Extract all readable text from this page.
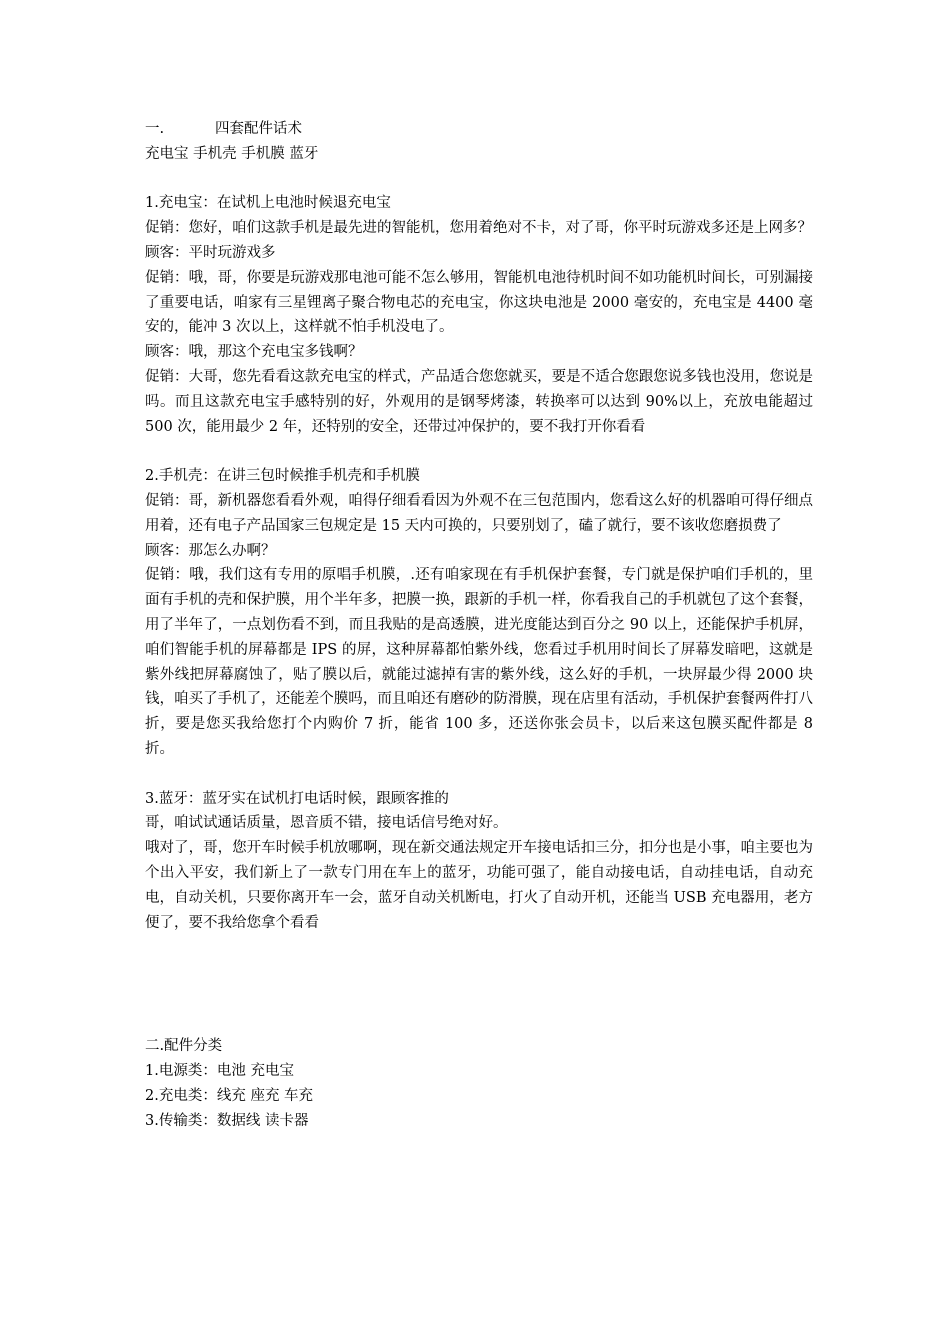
一.	四套配件话术

充电宝 手机壳 手机膜 蓝牙

1.充电宝：在试机上电池时候退充电宝

促销：您好，咱们这款手机是最先进的智能机，您用着绝对不卡，对了哥，你平时玩游戏多还是上网多？

顾客：平时玩游戏多

促销：哦，哥，你要是玩游戏那电池可能不怎么够用，智能机电池待机时间不如功能机时间长，可别漏接了重要电话，咱家有三星锂离子聚合物电芯的充电宝，你这块电池是 2000 毫安的，充电宝是 4400 毫安的，能冲 3 次以上，这样就不怕手机没电了。

顾客：哦，那这个充电宝多钱啊？

促销：大哥，您先看看这款充电宝的样式，产品适合您您就买，要是不适合您跟您说多钱也没用，您说是吗。而且这款充电宝手感特别的好，外观用的是钢琴烤漆，转换率可以达到 90%以上，充放电能超过 500 次，能用最少 2 年，还特别的安全，还带过冲保护的，要不我打开你看看

2.手机壳：在讲三包时候推手机壳和手机膜

促销：哥，新机器您看看外观，咱得仔细看看因为外观不在三包范围内，您看这么好的机器咱可得仔细点用着，还有电子产品国家三包规定是 15 天内可换的，只要别划了，磕了就行，要不该收您磨损费了

顾客：那怎么办啊？

促销：哦，我们这有专用的原唱手机膜，.还有咱家现在有手机保护套餐，专门就是保护咱们手机的，里面有手机的壳和保护膜，用个半年多，把膜一换，跟新的手机一样，你看我自己的手机就包了这个套餐，用了半年了，一点划伤看不到，而且我贴的是高透膜，进光度能达到百分之 90 以上，还能保护手机屏，咱们智能手机的屏幕都是 IPS 的屏，这种屏幕都怕紫外线，您看过手机用时间长了屏幕发暗吧，这就是紫外线把屏幕腐蚀了，贴了膜以后，就能过滤掉有害的紫外线，这么好的手机，一块屏最少得 2000 块钱，咱买了手机了，还能差个膜吗，而且咱还有磨砂的防滑膜，现在店里有活动，手机保护套餐两件打八折，要是您买我给您打个内购价 7 折，能省 100 多，还送你张会员卡，以后来这包膜买配件都是 8 折。

3.蓝牙：蓝牙实在试机打电话时候，跟顾客推的

哥，咱试试通话质量，恩音质不错，接电话信号绝对好。

哦对了，哥，您开车时候手机放哪啊，现在新交通法规定开车接电话扣三分，扣分也是小事，咱主要也为个出入平安，我们新上了一款专门用在车上的蓝牙，功能可强了，能自动接电话，自动挂电话，自动充电，自动关机，只要你离开车一会，蓝牙自动关机断电，打火了自动开机，还能当 USB 充电器用，老方便了，要不我给您拿个看看

二.配件分类

1.电源类：电池 充电宝

2.充电类：线充 座充 车充

3.传输类：数据线 读卡器
